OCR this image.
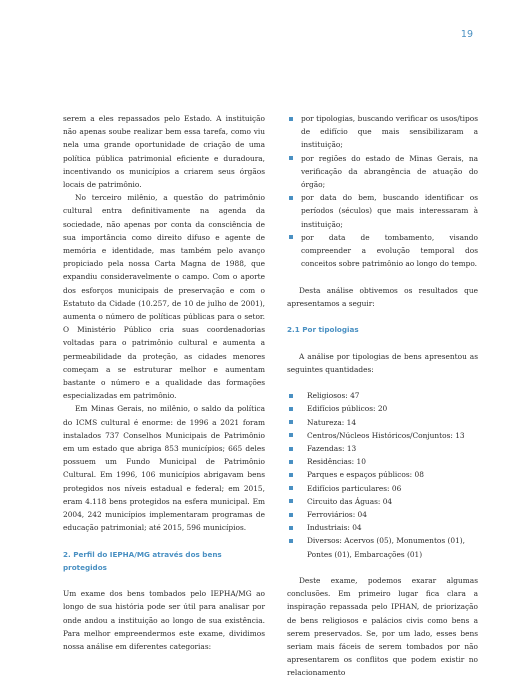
19

serem a eles repassados pelo Estado. A instituição não apenas soube realizar bem essa tarefa, como viu nela uma grande oportunidade de criação de uma política pública patrimonial eficiente e duradoura, incentivando os municípios a criarem seus órgãos locais de patrimônio.

No terceiro milênio, a questão do patrimônio cultural entra definitivamente na agenda da sociedade, não apenas por conta da consciência de sua importância como direito difuso e agente de memória e identidade, mas também pelo avanço propiciado pela nossa Carta Magna de 1988, que expandiu consideravelmente o campo. Com o aporte dos esforços municipais de preservação e com o Estatuto da Cidade (10.257, de 10 de julho de 2001), aumenta o número de políticas públicas para o setor. O Ministério Público cria suas coordenadorias voltadas para o patrimônio cultural e aumenta a permeabilidade da proteção, as cidades menores começam a se estruturar melhor e aumentam bastante o número e a qualidade das formações especializadas em patrimônio.

Em Minas Gerais, no milênio, o saldo da política do ICMS cultural é enorme: de 1996 a 2021 foram instalados 737 Conselhos Municipais de Patrimônio em um estado que abriga 853 municípios; 665 deles possuem um Fundo Municipal de Patrimônio Cultural. Em 1996, 106 municípios abrigavam bens protegidos nos níveis estadual e federal; em 2015, eram 4.118 bens protegidos na esfera municipal. Em 2004, 242 municípios implementaram programas de educação patrimonial; até 2015, 596 municípios.

2. Perfil do IEPHA/MG através dos bens protegidos

Um exame dos bens tombados pelo IEPHA/MG ao longo de sua história pode ser útil para analisar por onde andou a instituição ao longo de sua existência. Para melhor empreendermos este exame, dividimos nossa análise em diferentes categorias:

por tipologias, buscando verificar os usos/tipos de edifício que mais sensibilizaram a instituição;
por regiões do estado de Minas Gerais, na verificação da abrangência de atuação do órgão;
por data do bem, buscando identificar os períodos (séculos) que mais interessaram à instituição;
por data de tombamento, visando compreender a evolução temporal dos conceitos sobre patrimônio ao longo do tempo.

Desta análise obtivemos os resultados que apresentamos a seguir:

2.1 Por tipologias

A análise por tipologias de bens apresentou as seguintes quantidades:

Religiosos: 47
Edifícios públicos: 20
Natureza: 14
Centros/Núcleos Históricos/Conjuntos: 13
Fazendas: 13
Residências: 10
Parques e espaços públicos: 08
Edifícios particulares: 06
Circuito das Águas: 04
Ferroviários: 04
Industriais: 04
Diversos: Acervos (05), Monumentos (01), Pontes (01), Embarcações (01)

Deste exame, podemos exarar algumas conclusões. Em primeiro lugar fica clara a inspiração repassada pelo IPHAN, de priorização de bens religiosos e palácios civis como bens a serem preservados. Se, por um lado, esses bens seriam mais fáceis de serem tombados por não apresentarem os conflitos que podem existir no relacionamento
